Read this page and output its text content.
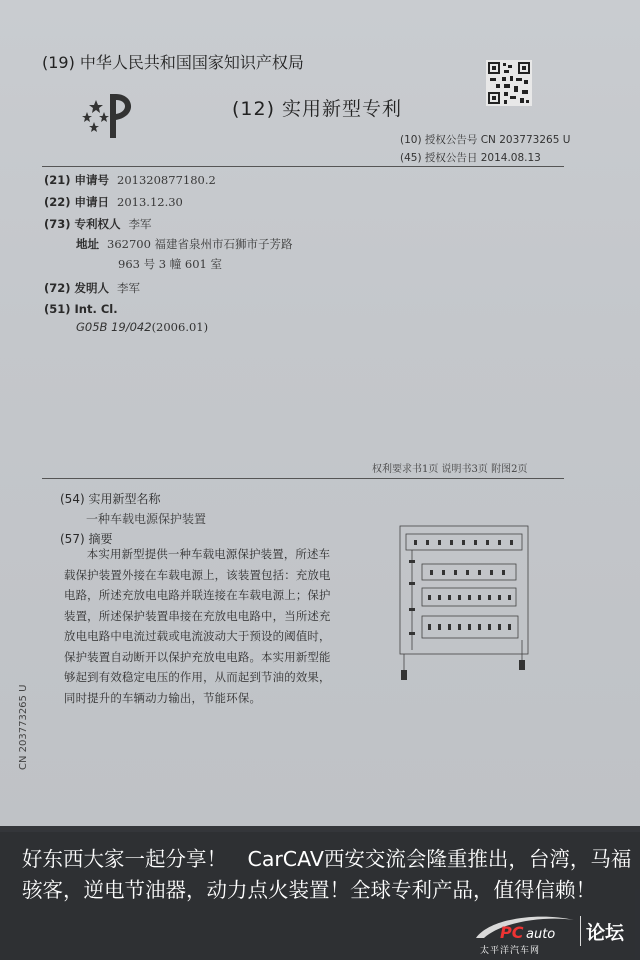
(19) 中华人民共和国国家知识产权局
(12) 实用新型专利
(10) 授权公告号 CN 203773265 U
(45) 授权公告日 2014.08.13
(21) 申请号 201320877180.2
(22) 申请日 2013.12.30
(73) 专利权人 李军
地址 362700 福建省泉州市石狮市子芳路
963 号 3 幢 601 室
(72) 发明人 李军
(51) Int. Cl.
G05B 19/042(2006.01)
权利要求书1页 说明书3页 附图2页
(54) 实用新型名称
一种车载电源保护装置
(57) 摘要
本实用新型提供一种车载电源保护装置，所述车载保护装置外接在车载电源上，该装置包括：充放电电路，所述充放电电路并联连接在车载电源上；保护装置，所述保护装置串接在充放电电路中，当所述充放电电路中电流过载或电流波动大于预设的阈值时，保护装置自动断开以保护充放电电路。本实用新型能够起到有效稳定电压的作用，从而起到节油的效果，同时提升的车辆动力输出，节能环保。
CN 203773265 U
好东西大家一起分享！　CarCAV西安交流会隆重推出，台湾，马福骇客，逆电节油器，动力点火装置！全球专利产品，值得信赖！
PC auto
太平洋汽车网
论坛
